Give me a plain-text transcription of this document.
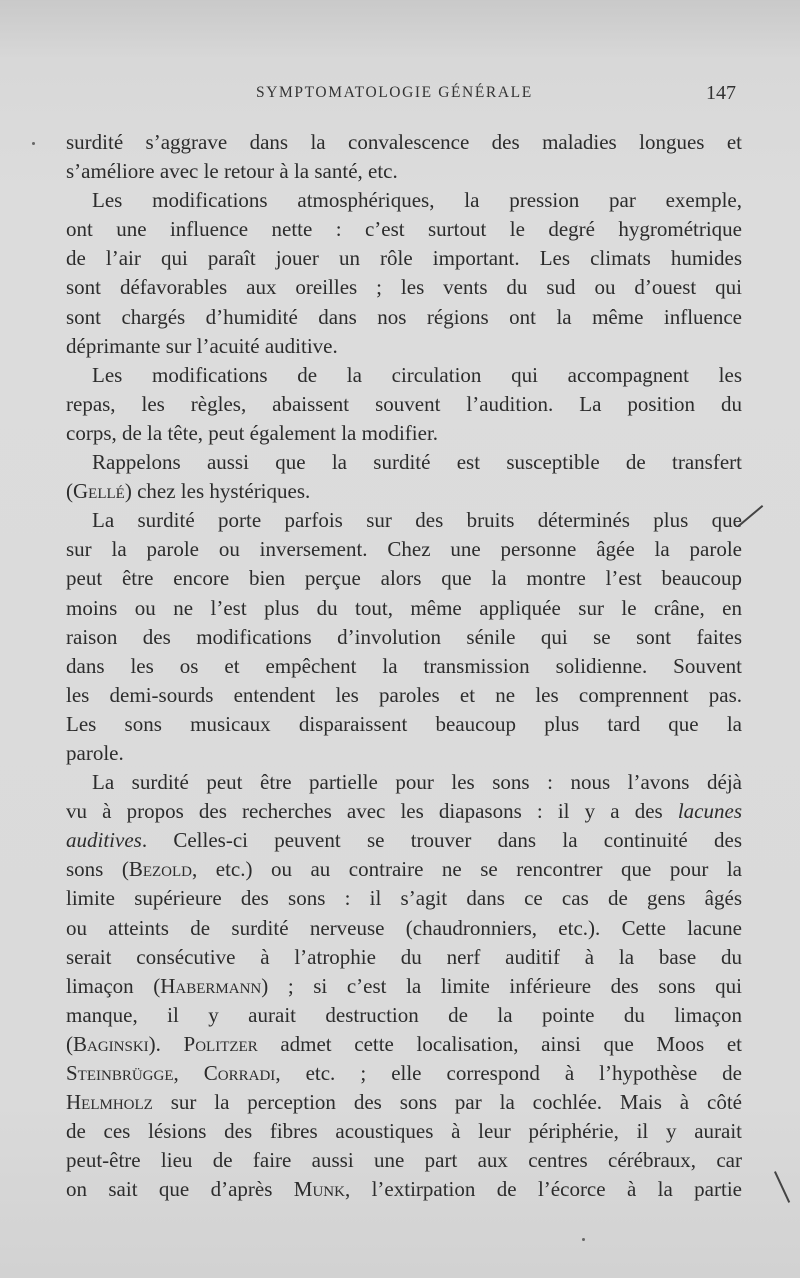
SYMPTOMATOLOGIE GÉNÉRALE	147
surdité s’aggrave dans la convalescence des maladies longues et
s’améliore avec le retour à la santé, etc.
Les modifications atmosphériques, la pression par exemple,
ont une influence nette : c’est surtout le degré hygrométrique
de l’air qui paraît jouer un rôle important. Les climats humides
sont défavorables aux oreilles ; les vents du sud ou d’ouest qui
sont chargés d’humidité dans nos régions ont la même influence
déprimante sur l’acuité auditive.
Les modifications de la circulation qui accompagnent les
repas, les règles, abaissent souvent l’audition. La position du
corps, de la tête, peut également la modifier.
Rappelons aussi que la surdité est susceptible de transfert
(Gellé) chez les hystériques.
La surdité porte parfois sur des bruits déterminés plus que
sur la parole ou inversement. Chez une personne âgée la parole
peut être encore bien perçue alors que la montre l’est beaucoup
moins ou ne l’est plus du tout, même appliquée sur le crâne, en
raison des modifications d’involution sénile qui se sont faites
dans les os et empêchent la transmission solidienne. Souvent
les demi-sourds entendent les paroles et ne les comprennent pas.
Les sons musicaux disparaissent beaucoup plus tard que la
parole.
La surdité peut être partielle pour les sons : nous l’avons déjà
vu à propos des recherches avec les diapasons : il y a des lacunes
auditives. Celles-ci peuvent se trouver dans la continuité des
sons (Bezold, etc.) ou au contraire ne se rencontrer que pour la
limite supérieure des sons : il s’agit dans ce cas de gens âgés
ou atteints de surdité nerveuse (chaudronniers, etc.). Cette lacune
serait consécutive à l’atrophie du nerf auditif à la base du
limaçon (Habermann) ; si c’est la limite inférieure des sons qui
manque, il y aurait destruction de la pointe du limaçon
(Baginski). Politzer admet cette localisation, ainsi que Moos et
Steinbrügge, Corradi, etc. ; elle correspond à l’hypothèse de
Helmholz sur la perception des sons par la cochlée. Mais à côté
de ces lésions des fibres acoustiques à leur périphérie, il y aurait
peut-être lieu de faire aussi une part aux centres cérébraux, car
on sait que d’après Munk, l’extirpation de l’écorce à la partie
